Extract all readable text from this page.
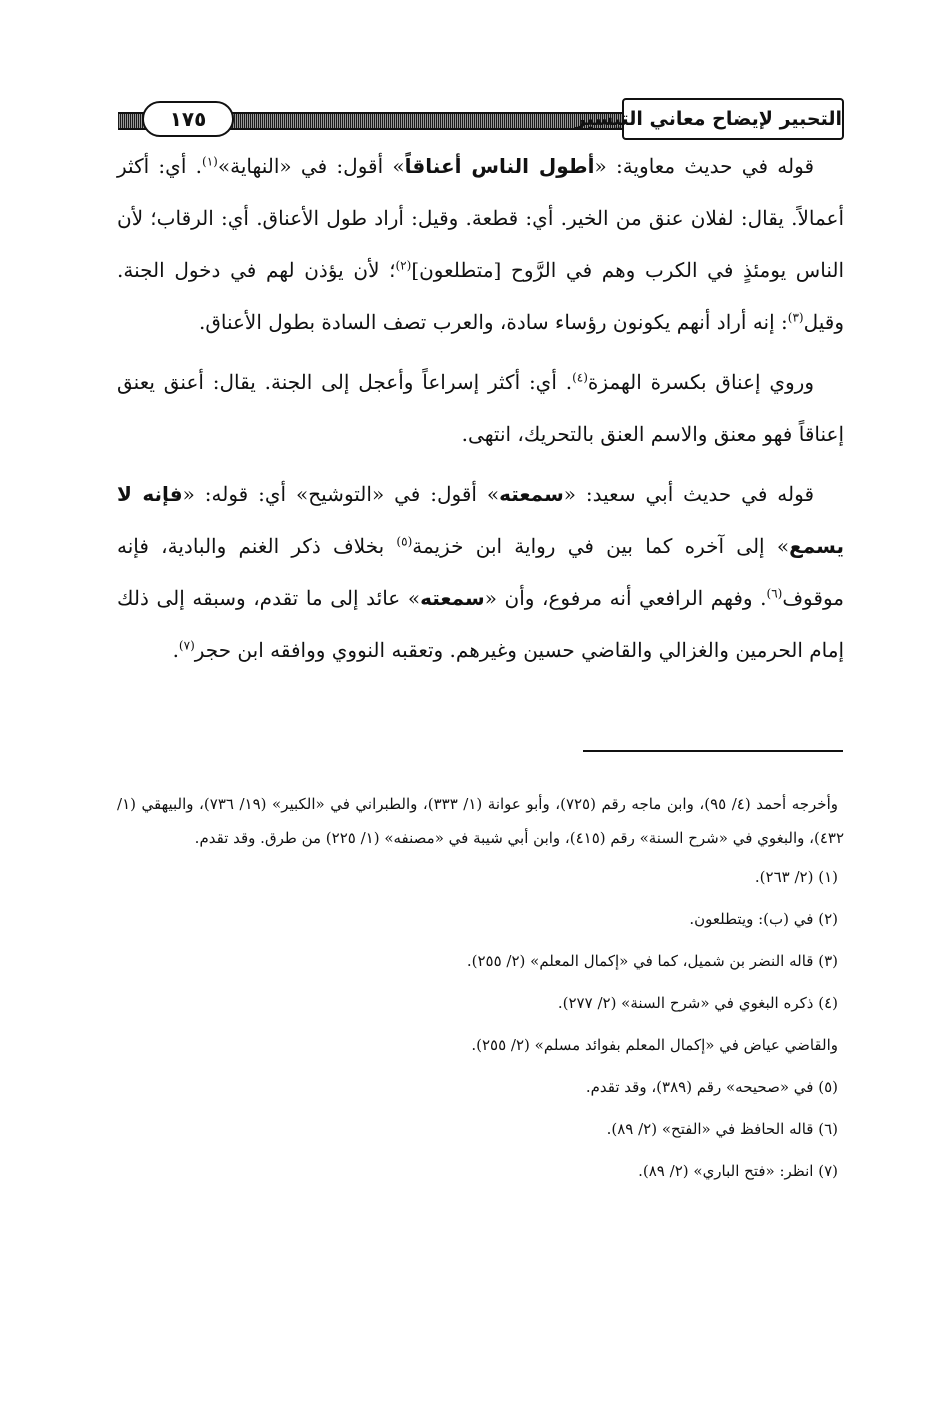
١٧٥	التحبير لإيضاح معاني التيسير

قوله في حديث معاوية: «أطول الناس أعناقاً» أقول: في «النهاية»$^{(١)}$. أي: أكثر أعمالاً. يقال: لفلان عنق من الخير. أي: قطعة. وقيل: أراد طول الأعناق. أي: الرقاب؛ لأن الناس يومئذٍ في الكرب وهم في الرَّوح [متطلعون]$^{(٢)}$؛ لأن يؤذن لهم في دخول الجنة. وقيل$^{(٣)}$: إنه أراد أنهم يكونون رؤساء سادة، والعرب تصف السادة بطول الأعناق.

وروي إعناق بكسرة الهمزة$^{(٤)}$. أي: أكثر إسراعاً وأعجل إلى الجنة. يقال: أعنق يعنق إعناقاً فهو معنق والاسم العنق بالتحريك، انتهى.

قوله في حديث أبي سعيد: «سمعته» أقول: في «التوشيح» أي: قوله: «فإنه لا يسمع» إلى آخره كما بين في رواية ابن خزيمة$^{(٥)}$ بخلاف ذكر الغنم والبادية، فإنه موقوف$^{(٦)}$. وفهم الرافعي أنه مرفوع، وأن «سمعته» عائد إلى ما تقدم، وسبقه إلى ذلك إمام الحرمين والغزالي والقاضي حسين وغيرهم. وتعقبه النووي ووافقه ابن حجر$^{(٧)}$.

وأخرجه أحمد (٤/ ٩٥)، وابن ماجه رقم (٧٢٥)، وأبو عوانة (١/ ٣٣٣)، والطبراني في «الكبير» (١٩/ ٧٣٦)، والبيهقي (١/ ٤٣٢)، والبغوي في «شرح السنة» رقم (٤١٥)، وابن أبي شيبة في «مصنفه» (١/ ٢٢٥) من طرق. وقد تقدم.

(١) (٢/ ٢٦٣).

(٢) في (ب): ويتطلعون.

(٣) قاله النضر بن شميل، كما في «إكمال المعلم» (٢/ ٢٥٥).

(٤) ذكره البغوي في «شرح السنة» (٢/ ٢٧٧).

والقاضي عياض في «إكمال المعلم بفوائد مسلم» (٢/ ٢٥٥).

(٥) في «صحيحه» رقم (٣٨٩)، وقد تقدم.

(٦) قاله الحافظ في «الفتح» (٢/ ٨٩).

(٧) انظر: «فتح الباري» (٢/ ٨٩).
